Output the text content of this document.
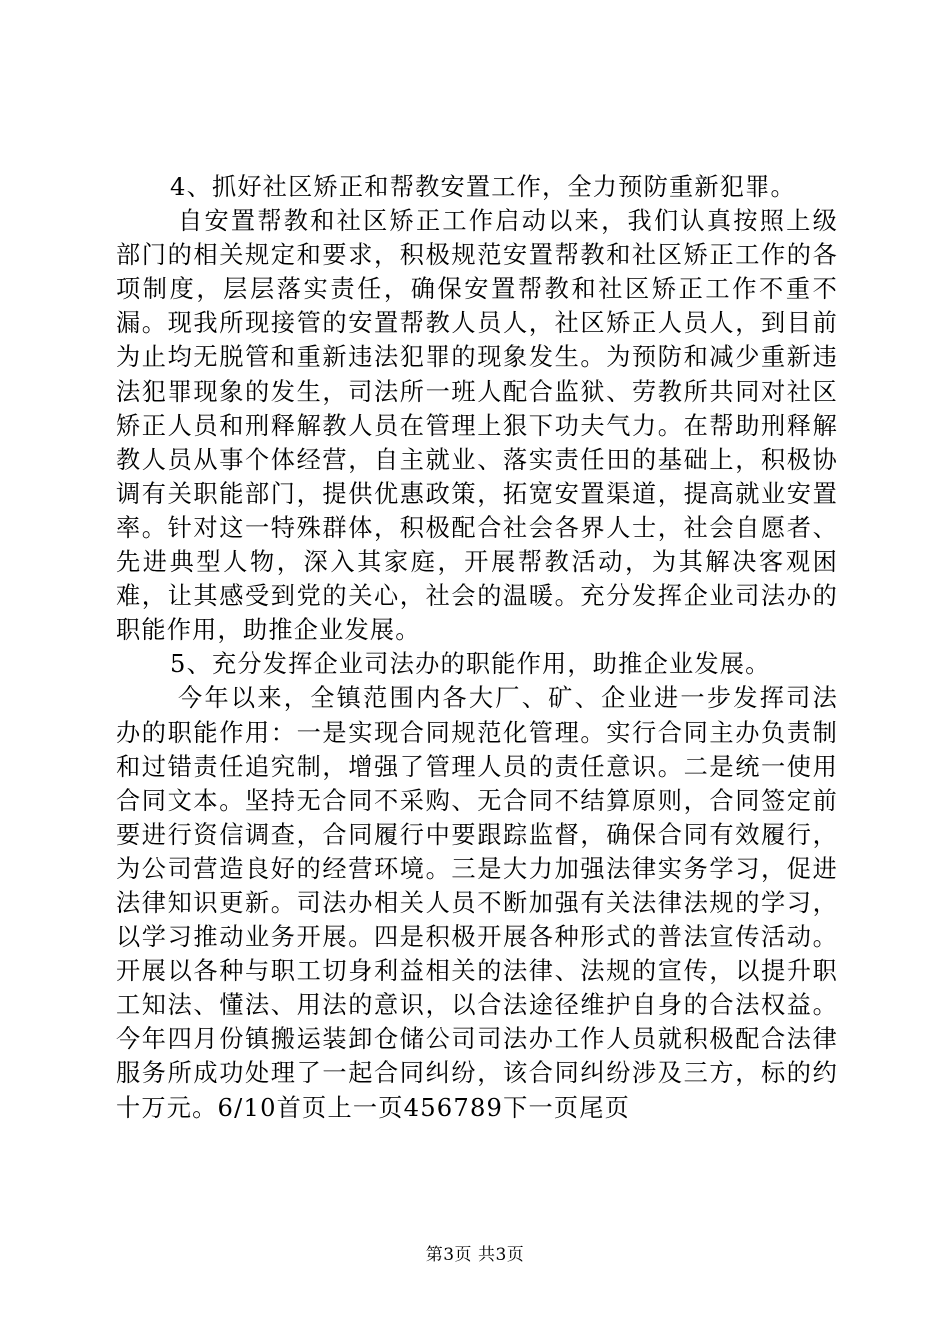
4、抓好社区矫正和帮教安置工作，全力预防重新犯罪。

自安置帮教和社区矫正工作启动以来，我们认真按照上级部门的相关规定和要求，积极规范安置帮教和社区矫正工作的各项制度，层层落实责任，确保安置帮教和社区矫正工作不重不漏。现我所现接管的安置帮教人员人，社区矫正人员人，到目前为止均无脱管和重新违法犯罪的现象发生。为预防和减少重新违法犯罪现象的发生，司法所一班人配合监狱、劳教所共同对社区矫正人员和刑释解教人员在管理上狠下功夫气力。在帮助刑释解教人员从事个体经营，自主就业、落实责任田的基础上，积极协调有关职能部门，提供优惠政策，拓宽安置渠道，提高就业安置率。针对这一特殊群体，积极配合社会各界人士，社会自愿者、先进典型人物，深入其家庭，开展帮教活动，为其解决客观困难，让其感受到党的关心，社会的温暖。充分发挥企业司法办的职能作用，助推企业发展。

5、充分发挥企业司法办的职能作用，助推企业发展。

今年以来，全镇范围内各大厂、矿、企业进一步发挥司法办的职能作用：一是实现合同规范化管理。实行合同主办负责制和过错责任追究制，增强了管理人员的责任意识。二是统一使用合同文本。坚持无合同不采购、无合同不结算原则，合同签定前要进行资信调查，合同履行中要跟踪监督，确保合同有效履行，为公司营造良好的经营环境。三是大力加强法律实务学习，促进法律知识更新。司法办相关人员不断加强有关法律法规的学习，以学习推动业务开展。四是积极开展各种形式的普法宣传活动。开展以各种与职工切身利益相关的法律、法规的宣传，以提升职工知法、懂法、用法的意识，以合法途径维护自身的合法权益。今年四月份镇搬运装卸仓储公司司法办工作人员就积极配合法律服务所成功处理了一起合同纠纷，该合同纠纷涉及三方，标的约十万元。6/10首页上一页456789下一页尾页

第3页 共3页
